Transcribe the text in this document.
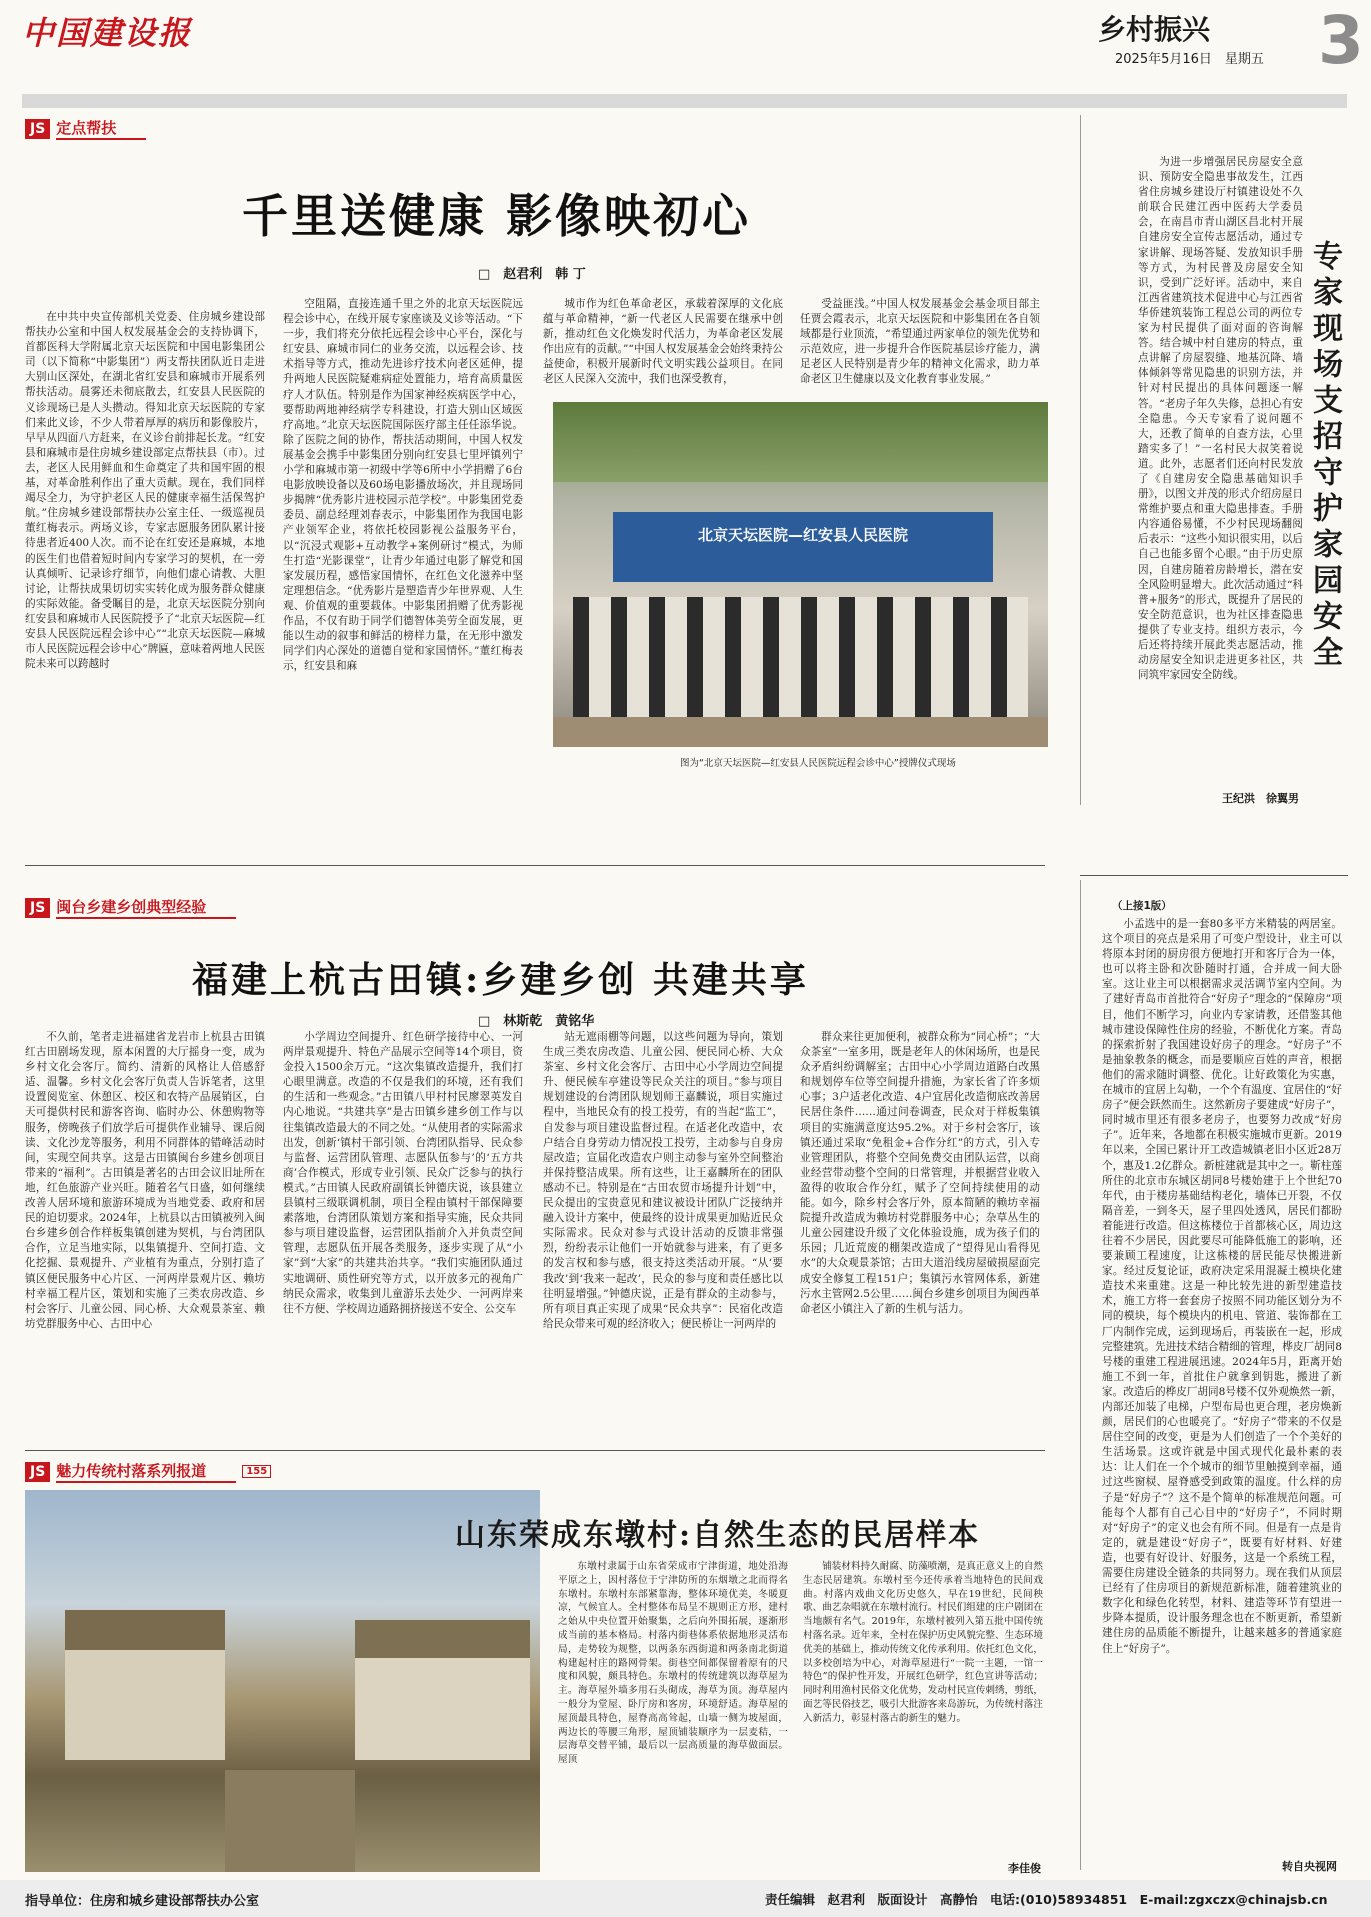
中国建设报	乡村振兴
2025年5月16日　星期五 3
JS 定点帮扶
千里送健康 影像映初心
□　赵君利　韩 丁
在中共中央宣传部机关党委、住房城乡建设部帮扶办公室和中国人权发展基金会的支持协调下，首都医科大学附属北京天坛医院和中国电影集团公司（以下简称“中影集团”）两支帮扶团队近日走进大别山区深处，在湖北省红安县和麻城市开展系列帮扶活动。晨雾还未彻底散去，红安县人民医院的义诊现场已是人头攒动。得知北京天坛医院的专家们来此义诊，不少人带着厚厚的病历和影像胶片，早早从四面八方赶来，在义诊台前排起长龙。“红安县和麻城市是住房城乡建设部定点帮扶县（市）。过去，老区人民用鲜血和生命奠定了共和国牢固的根基，对革命胜利作出了重大贡献。现在，我们同样竭尽全力，为守护老区人民的健康幸福生活保驾护航。”住房城乡建设部帮扶办公室主任、一级巡视员董红梅表示。两场义诊，专家志愿服务团队累计接待患者近400人次。而不论在红安还是麻城，本地的医生们也借着短时间内专家学习的契机，在一旁认真倾听、记录诊疗细节，向他们虚心请教、大胆讨论，让帮扶成果切切实实转化成为服务群众健康的实际效能。备受瞩目的是，北京天坛医院分别向红安县和麻城市人民医院授予了“北京天坛医院—红安县人民医院远程会诊中心”“北京天坛医院—麻城市人民医院远程会诊中心”牌匾，意味着两地人民医院未来可以跨越时
空阻隔，直接连通千里之外的北京天坛医院远程会诊中心，在线开展专家座谈及义诊等活动。“下一步，我们将充分依托远程会诊中心平台，深化与红安县、麻城市同仁的业务交流，以远程会诊、技术指导等方式，推动先进诊疗技术向老区延伸，提升两地人民医院疑难病症处置能力，培育高质量医疗人才队伍。特别是作为国家神经疾病医学中心，要帮助两地神经病学专科建设，打造大别山区域医疗高地。”北京天坛医院国际医疗部主任任添华说。除了医院之间的协作，帮扶活动期间，中国人权发展基金会携手中影集团分别向红安县七里坪镇列宁小学和麻城市第一初级中学等6所中小学捐赠了6台电影放映设备以及60场电影播放场次，并且现场同步揭牌“优秀影片进校园示范学校”。中影集团党委委员、副总经理刘春表示，中影集团作为我国电影产业领军企业，将依托校园影视公益服务平台，以“沉浸式观影+互动教学+案例研讨”模式，为师生打造“光影课堂”，让青少年通过电影了解党和国家发展历程，感悟家国情怀，在红色文化滋养中坚定理想信念。“优秀影片是塑造青少年世界观、人生观、价值观的重要载体。中影集团捐赠了优秀影视作品，不仅有助于同学们德智体美劳全面发展，更能以生动的叙事和鲜活的榜样力量，在无形中激发同学们内心深处的道德自觉和家国情怀。”董红梅表示，红安县和麻
城市作为红色革命老区，承载着深厚的文化底蕴与革命精神，“新一代老区人民需要在继承中创新，推动红色文化焕发时代活力，为革命老区发展作出应有的贡献。”“中国人权发展基金会始终秉持公益使命，积极开展新时代文明实践公益项目。在同老区人民深入交流中，我们也深受教育，
受益匪浅。”中国人权发展基金会基金项目部主任贾会霞表示，北京天坛医院和中影集团在各自领域都是行业顶流，“希望通过两家单位的领先优势和示范效应，进一步提升合作医院基层诊疗能力，满足老区人民特别是青少年的精神文化需求，助力革命老区卫生健康以及文化教育事业发展。”
北京天坛医院—红安县人民医院
图为“北京天坛医院—红安县人民医院远程会诊中心”授牌仪式现场
为进一步增强居民房屋安全意识、预防安全隐患事故发生，江西省住房城乡建设厅村镇建设处不久前联合民建江西中医药大学委员会，在南昌市青山湖区昌北村开展自建房安全宣传志愿活动，通过专家讲解、现场答疑、发放知识手册等方式，为村民普及房屋安全知识，受到广泛好评。活动中，来自江西省建筑技术促进中心与江西省华侨建筑装饰工程总公司的两位专家为村民提供了面对面的咨询解答。结合城中村自建房的特点，重点讲解了房屋裂缝、地基沉降、墙体倾斜等常见隐患的识别方法，并针对村民提出的具体问题逐一解答。“老房子年久失修，总担心有安全隐患。今天专家看了说问题不大，还教了简单的自查方法，心里踏实多了！”一名村民大叔笑着说道。此外，志愿者们还向村民发放了《自建房安全隐患基础知识手册》，以图文并茂的形式介绍房屋日常维护要点和重大隐患排查。手册内容通俗易懂，不少村民现场翻阅后表示：“这些小知识很实用，以后自己也能多留个心眼。”由于历史原因，自建房随着房龄增长，潜在安全风险明显增大。此次活动通过“科普+服务”的形式，既提升了居民的安全防范意识，也为社区排查隐患提供了专业支持。组织方表示，今后还将持续开展此类志愿活动，推动房屋安全知识走进更多社区，共同筑牢家园安全防线。
专家现场支招守护家园安全
王纪洪　徐翼男
JS 闽台乡建乡创典型经验
福建上杭古田镇:乡建乡创 共建共享
□　林斯乾　黄铭华
不久前，笔者走进福建省龙岩市上杭县古田镇红古田剧场发现，原本闲置的大厅摇身一变，成为乡村文化会客厅。简约、清新的风格让人倍感舒适、温馨。乡村文化会客厅负责人告诉笔者，这里设置阅览室、休憩区、校区和农特产品展销区，白天可提供村民和游客咨询、临时办公、休憩购物等服务，傍晚孩子们放学后可提供作业辅导、课后阅读、文化沙龙等服务，利用不同群体的错峰活动时间，实现空间共享。这是古田镇闽台乡建乡创项目带来的“福利”。古田镇是著名的古田会议旧址所在地，红色旅游产业兴旺。随着名气日盛，如何继续改善人居环境和旅游环境成为当地党委、政府和居民的迫切要求。2024年，上杭县以古田镇被列入闽台乡建乡创合作样板集镇创建为契机，与台湾团队合作，立足当地实际，以集镇提升、空间打造、文化挖掘、景观提升、产业植有为重点，分别打造了镇区便民服务中心片区、一河两岸景观片区、赖坊村幸福工程片区，策划和实施了三类农房改造、乡村会客厅、儿童公园、同心桥、大众观景茶室、赖坊党群服务中心、古田中心
小学周边空间提升、红色研学接待中心、一河两岸景观提升、特色产品展示空间等14个项目，资金投入1500余万元。“这次集镇改造提升，我们打心眼里满意。改造的不仅是我们的环境，还有我们的生活和一些观念。”古田镇八甲村村民廖翠英发自内心地说。“共建共享”是古田镇乡建乡创工作与以往集镇改造最大的不同之处。“从使用者的实际需求出发，创新‘镇村干部引领、台湾团队指导、民众参与监督、运营团队管理、志愿队伍参与’的‘五方共商’合作模式，形成专业引领、民众广泛参与的执行模式。”古田镇人民政府副镇长钟德庆说，该县建立县镇村三级联调机制，项目全程由镇村干部保障要素落地，台湾团队策划方案和指导实施，民众共同参与项目建设监督，运营团队指前介入并负责空间管理，志愿队伍开展各类服务，逐步实现了从“小家”到“大家”的共建共治共享。“我们实施团队通过实地调研、质性研究等方式，以开放多元的视角广纳民众需求，收集到儿童游乐去处少、一河两岸来往不方便、学校周边通路拥挤接送不安全、公交车
站无遮雨棚等问题，以这些问题为导向，策划生成三类农房改造、儿童公园、便民同心桥、大众茶室、乡村文化会客厅、古田中心小学周边空间提升、便民候车亭建设等民众关注的项目。”参与项目规划建设的台湾团队规划师王嘉麟说，项目实施过程中，当地民众有的投工投劳，有的当起“监工”，自发参与项目建设监督过程。在适老化改造中，农户结合自身劳动力情况投工投劳，主动参与自身房屋改造；宣届化改造农户则主动参与室外空间整治并保持整洁成果。所有这些，让王嘉麟所在的团队感动不已。特别是在“古田农贸市场提升计划”中，民众提出的宝贵意见和建议被设计团队广泛接纳并融入设计方案中，使最终的设计成果更加贴近民众实际需求。民众对参与式设计活动的反馈非常强烈，纷纷表示让他们一开始就参与进来，有了更多的发言权和参与感，很支持这类活动开展。“从‘要我改’到‘我来一起改’，民众的参与度和责任感比以往明显增强。”钟德庆说，正是有群众的主动参与，所有项目真正实现了成果“民众共享”：民宿化改造给民众带来可观的经济收入；便民桥让一河两岸的
群众来往更加便利，被群众称为“同心桥”；“大众茶室”一室多用，既是老年人的休闲场所，也是民众矛盾纠纷调解室；古田中心小学周边道路白改黑和规划停车位等空间提升措施，为家长省了许多烦心事；3户适老化改造、4户宜居化改造彻底改善居民居住条件……通过问卷调查，民众对于样板集镇项目的实施满意度达95.2%。对于乡村会客厅，该镇还通过采取“免租金+合作分红”的方式，引入专业管理团队，将整个空间免费交由团队运营，以商业经营带动整个空间的日常管理，并根据营业收入盈得的收取合作分红，赋予了空间持续使用的动能。如今，除乡村会客厅外，原本简陋的赖坊幸福院提升改造成为赖坊村党群服务中心；杂草丛生的儿童公园建设升级了文化体验设施，成为孩子们的乐园；几近荒废的棚架改造成了“望得见山看得见水”的大众观景茶馆；古田大道沿线房屋破损屋面完成安全修复工程151户；集镇污水管网体系，新建污水主管网2.5公里……闽台乡建乡创项目为闽西革命老区小镇注入了新的生机与活力。
（上接1版）
小孟选中的是一套80多平方米精装的两居室。这个项目的亮点是采用了可变户型设计，业主可以将原本封闭的厨房很方便地打开和客厅合为一体，也可以将主卧和次卧随时打通，合并成一间大卧室。这让业主可以根据需求灵活调节室内空间。为了建好青岛市首批符合“好房子”理念的“保障房”项目，他们不断学习，向业内专家请教，还借鉴其他城市建设保障性住房的经验，不断优化方案。青岛的探索折射了我国建设好房子的理念。“好房子”不是抽象教条的概念，而是要顺应百姓的声音，根据他们的需求随时调整、优化。让好政策化为实惠，在城市的宜居上勾勒，一个个有温度、宜居住的“好房子”便会跃然而生。这然新房子要建成“好房子”，同时城市里还有很多老房子，也要努力改成“好房子”。近年来，各地都在积极实施城市更新。2019年以来，全国已累计开工改造城镇老旧小区近28万个，惠及1.2亿群众。新桩建就是其中之一。靳柱莲所住的北京市东城区胡同8号楼始建于上个世纪70年代，由于楼房基础结构老化，墙体已开裂，不仅隔音差，一到冬天，屋子里四处透风，居民们都盼着能进行改造。但这栋楼位于首都核心区，周边这往着不少居民，因此要尽可能降低施工的影响，还要兼顾工程速度，让这栋楼的居民能尽快搬进新家。经过反复论证，政府决定采用混凝土模块化建造技术来重建。这是一种比较先进的新型建造技术，施工方将一套套房子按照不同功能区划分为不同的模块，每个模块内的机电、管道、装饰都在工厂内制作完成，运到现场后，再装嵌在一起，形成完整建筑。先进技术结合精细的管理，桦皮厂胡同8号楼的重建工程进展迅速。2024年5月，距离开始施工不到一年，首批住户就拿到钥匙，搬进了新家。改造后的桦皮厂胡同8号楼不仅外观焕然一新，内部还加装了电梯，户型布局也更合理，老房焕新颜，居民们的心也暖亮了。“好房子”带来的不仅是居住空间的改变，更是为人们创造了一个个美好的生活场景。这或许就是中国式现代化最朴素的表达：让人们在一个个城市的细节里触摸到幸福，通过这些窗棂、屋脊感受到政策的温度。什么样的房子是“好房子”？这不是个简单的标准规范问题。可能每个人都有自己心目中的“好房子”，不同时期对“好房子”的定义也会有所不同。但是有一点是肯定的，就是建设“好房子”，既要有好材料、好建造，也要有好设计、好服务，这是一个系统工程，需要住房建设全链条的共同努力。现在我们从顶层已经有了住房项目的新规范新标准，随着建筑业的数字化和绿色化转型，材料、建造等环节有望进一步降本提质，设计服务理念也在不断更新，希望新建住房的品质能不断提升，让越来越多的普通家庭住上“好房子”。
转自央视网
JS 魅力传统村落系列报道	155
山东荣成东墩村:自然生态的民居样本
东墩村隶属于山东省荣成市宁津街道，地处沿海平原之上，因村落位于宁津防所的东烟墩之北而得名东墩村。东墩村东部紧靠海，整体环境优美，冬暖夏凉，气候宜人。全村整体布局呈不规则正方形，建村之始从中央位置开始聚集，之后向外围拓展，逐渐形成当前的基本格局。村落内街巷体系依据地形灵活布局，走势较为规整，以两条东西街道和两条南北街道构建起村庄的路网骨架。街巷空间都保留着原有的尺度和风貌，颇具特色。东墩村的传统建筑以海草屋为主。海草屋外墙多用石头砌成，海草为顶。海草屋内一般分为堂屋、卧厅房和客房，环境舒适。海草屋的屋顶最具特色，屋脊高高耸起，山墙一侧为坡屋面，两边长的等腰三角形，屋顶铺装顺序为一层麦秸，一层海草交替平铺，最后以一层高质量的海草做面层。屋顶
铺装材料持久耐腐、防藻喷潮，是真正意义上的自然生态民居建筑。东墩村至今还传承着当地特色的民间戏曲。村落内戏曲文化历史悠久，早在19世纪，民间秧歌、曲艺杂唱就在东墩村流行。村民们组建的庄户剧团在当地颇有名气。2019年，东墩村被列入第五批中国传统村落名录。近年来，全村在保护历史风貌完整、生态环境优美的基础上，推动传统文化传承利用。依托红色文化，以多校创培为中心，对海草屋进行“一院一主题，一馆一特色”的保护性开发，开展红色研学，红色宣讲等活动；同时利用渔村民俗文化优势，发动村民宣传刺绣，剪纸，面艺等民俗技艺，吸引大批游客来岛游玩，为传统村落注入新活力，彰显村落古韵新生的魅力。
李佳俊
指导单位：住房和城乡建设部帮扶办公室	责任编辑　赵君利　版面设计　高静怡　电话:(010)58934851　E-mail:zgxczx@chinajsb.cn
